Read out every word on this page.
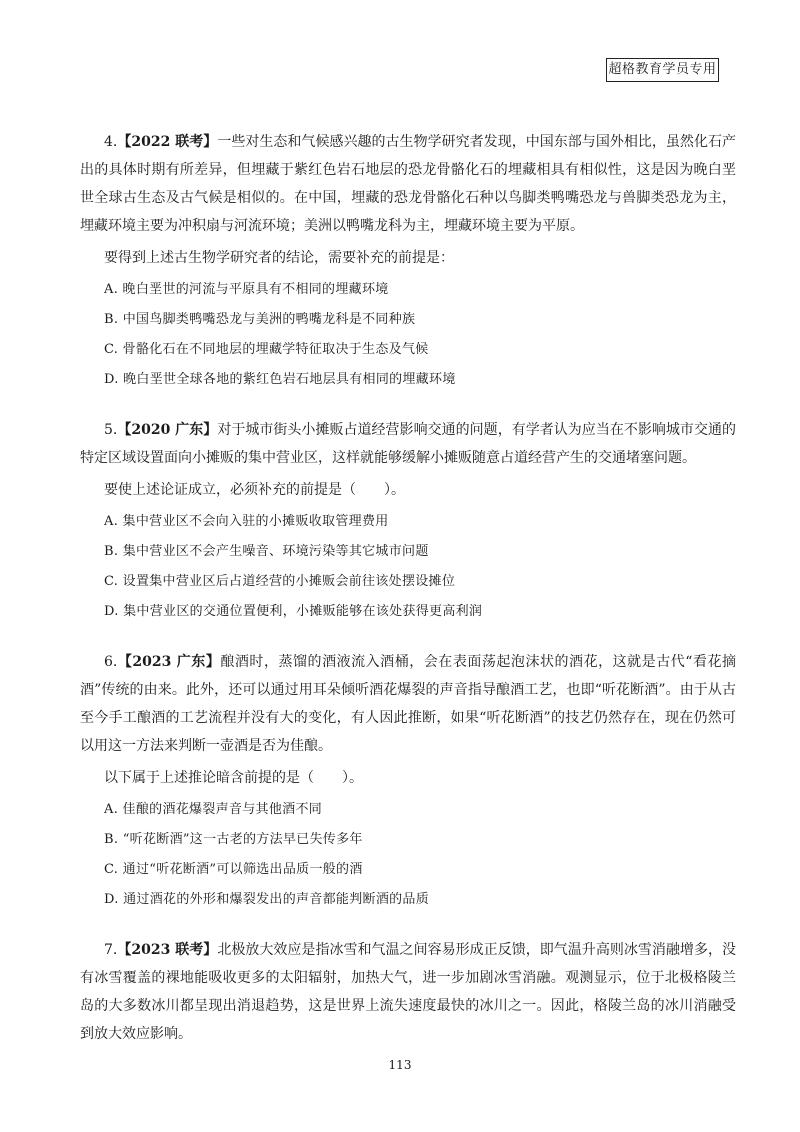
超格教育学员专用

4.【2022 联考】一些对生态和气候感兴趣的古生物学研究者发现，中国东部与国外相比，虽然化石产出的具体时期有所差异，但埋藏于紫红色岩石地层的恐龙骨骼化石的埋藏相具有相似性，这是因为晚白垩世全球古生态及古气候是相似的。在中国，埋藏的恐龙骨骼化石种以鸟脚类鸭嘴恐龙与兽脚类恐龙为主，埋藏环境主要为冲积扇与河流环境；美洲以鸭嘴龙科为主，埋藏环境主要为平原。

要得到上述古生物学研究者的结论，需要补充的前提是：

A. 晚白垩世的河流与平原具有不相同的埋藏环境

B. 中国鸟脚类鸭嘴恐龙与美洲的鸭嘴龙科是不同种族

C. 骨骼化石在不同地层的埋藏学特征取决于生态及气候

D. 晚白垩世全球各地的紫红色岩石地层具有相同的埋藏环境

5.【2020 广东】对于城市街头小摊贩占道经营影响交通的问题，有学者认为应当在不影响城市交通的特定区域设置面向小摊贩的集中营业区，这样就能够缓解小摊贩随意占道经营产生的交通堵塞问题。

要使上述论证成立，必须补充的前提是（　　）。

A. 集中营业区不会向入驻的小摊贩收取管理费用

B. 集中营业区不会产生噪音、环境污染等其它城市问题

C. 设置集中营业区后占道经营的小摊贩会前往该处摆设摊位

D. 集中营业区的交通位置便利，小摊贩能够在该处获得更高利润

6.【2023 广东】酿酒时，蒸馏的酒液流入酒桶，会在表面荡起泡沫状的酒花，这就是古代“看花摘酒”传统的由来。此外，还可以通过用耳朵倾听酒花爆裂的声音指导酿酒工艺，也即“听花断酒”。由于从古至今手工酿酒的工艺流程并没有大的变化，有人因此推断，如果“听花断酒”的技艺仍然存在，现在仍然可以用这一方法来判断一壶酒是否为佳酿。

以下属于上述推论暗含前提的是（　　）。

A. 佳酿的酒花爆裂声音与其他酒不同

B. “听花断酒”这一古老的方法早已失传多年

C. 通过“听花断酒”可以筛选出品质一般的酒

D. 通过酒花的外形和爆裂发出的声音都能判断酒的品质

7.【2023 联考】北极放大效应是指冰雪和气温之间容易形成正反馈，即气温升高则冰雪消融增多，没有冰雪覆盖的裸地能吸收更多的太阳辐射，加热大气，进一步加剧冰雪消融。观测显示，位于北极格陵兰岛的大多数冰川都呈现出消退趋势，这是世界上流失速度最快的冰川之一。因此，格陵兰岛的冰川消融受到放大效应影响。

113
